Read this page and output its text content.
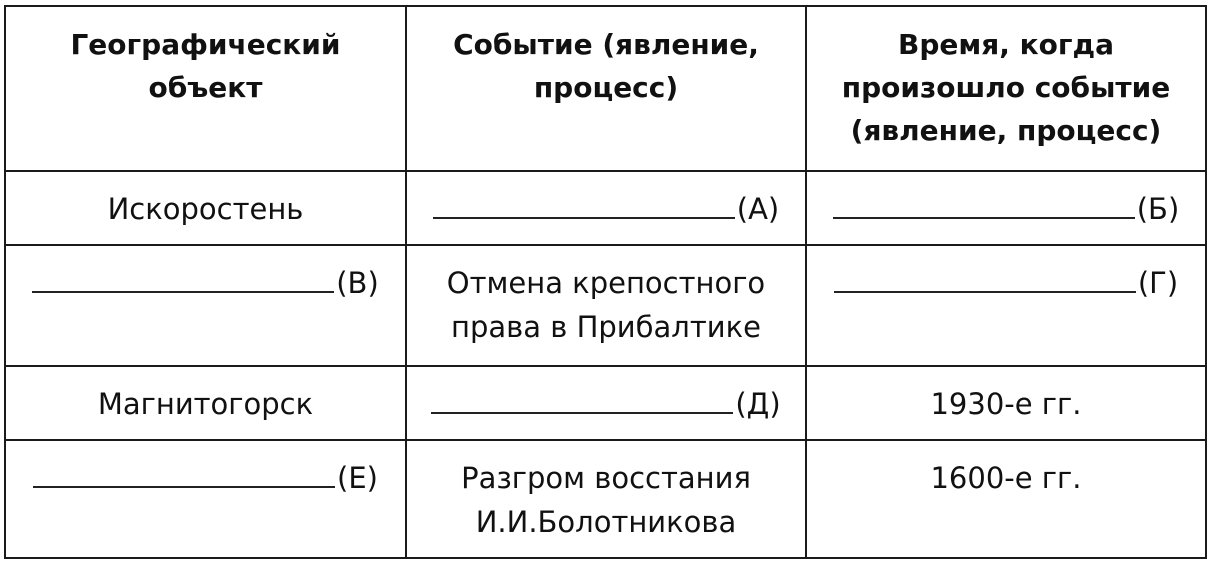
Географический объект	Событие (явление, процесс)	Время, когда произошло событие (явление, процесс)
Искоростень	(А)	(Б)
(В)	Отмена крепостного права в Прибалтике	(Г)
Магнитогорск	(Д)	1930-е гг.
(Е)	Разгром восстания И.И.Болотникова	1600-е гг.
